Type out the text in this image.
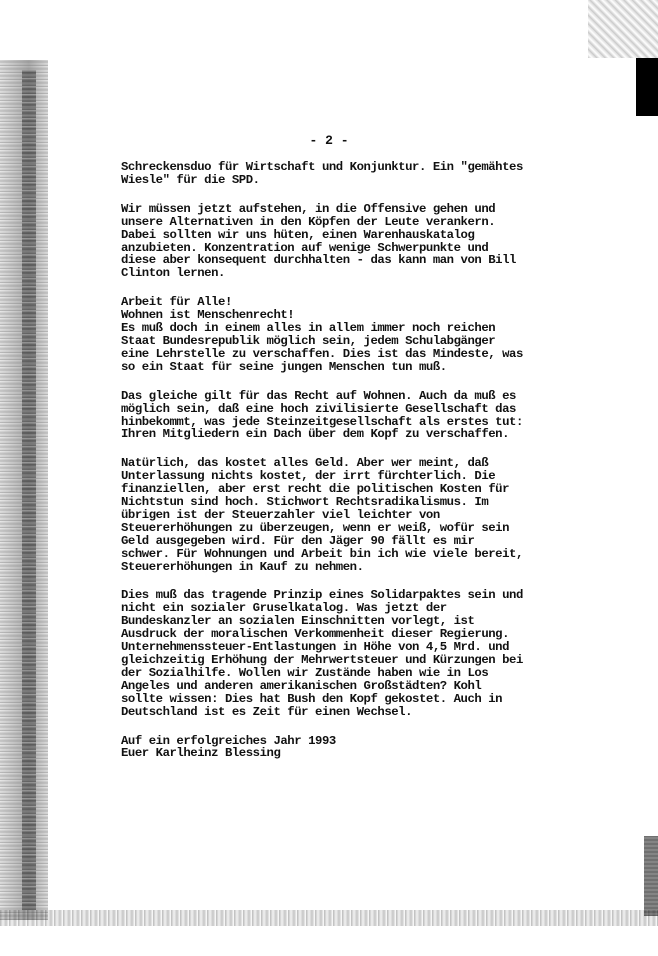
- 2 -
Schreckensduo für Wirtschaft und Konjunktur. Ein "gemähtes
Wiesle" für die SPD.
Wir müssen jetzt aufstehen, in die Offensive gehen und
unsere Alternativen in den Köpfen der Leute verankern.
Dabei sollten wir uns hüten, einen Warenhauskatalog
anzubieten. Konzentration auf wenige Schwerpunkte und
diese aber konsequent durchhalten - das kann man von Bill
Clinton lernen.
Arbeit für Alle!
Wohnen ist Menschenrecht!
Es muß doch in einem alles in allem immer noch reichen
Staat Bundesrepublik möglich sein, jedem Schulabgänger
eine Lehrstelle zu verschaffen. Dies ist das Mindeste, was
so ein Staat für seine jungen Menschen tun muß.
Das gleiche gilt für das Recht auf Wohnen. Auch da muß es
möglich sein, daß eine hoch zivilisierte Gesellschaft das
hinbekommt, was jede Steinzeitgesellschaft als erstes tut:
Ihren Mitgliedern ein Dach über dem Kopf zu verschaffen.
Natürlich, das kostet alles Geld. Aber wer meint, daß
Unterlassung nichts kostet, der irrt fürchterlich. Die
finanziellen, aber erst recht die politischen Kosten für
Nichtstun sind hoch. Stichwort Rechtsradikalismus. Im
übrigen ist der Steuerzahler viel leichter von
Steuererhöhungen zu überzeugen, wenn er weiß, wofür sein
Geld ausgegeben wird. Für den Jäger 90 fällt es mir
schwer. Für Wohnungen und Arbeit bin ich wie viele bereit,
Steuererhöhungen in Kauf zu nehmen.
Dies muß das tragende Prinzip eines Solidarpaktes sein und
nicht ein sozialer Gruselkatalog. Was jetzt der
Bundeskanzler an sozialen Einschnitten vorlegt, ist
Ausdruck der moralischen Verkommenheit dieser Regierung.
Unternehmenssteuer-Entlastungen in Höhe von 4,5 Mrd. und
gleichzeitig Erhöhung der Mehrwertsteuer und Kürzungen bei
der Sozialhilfe. Wollen wir Zustände haben wie in Los
Angeles und anderen amerikanischen Großstädten? Kohl
sollte wissen: Dies hat Bush den Kopf gekostet. Auch in
Deutschland ist es Zeit für einen Wechsel.
Auf ein erfolgreiches Jahr 1993
Euer Karlheinz Blessing
